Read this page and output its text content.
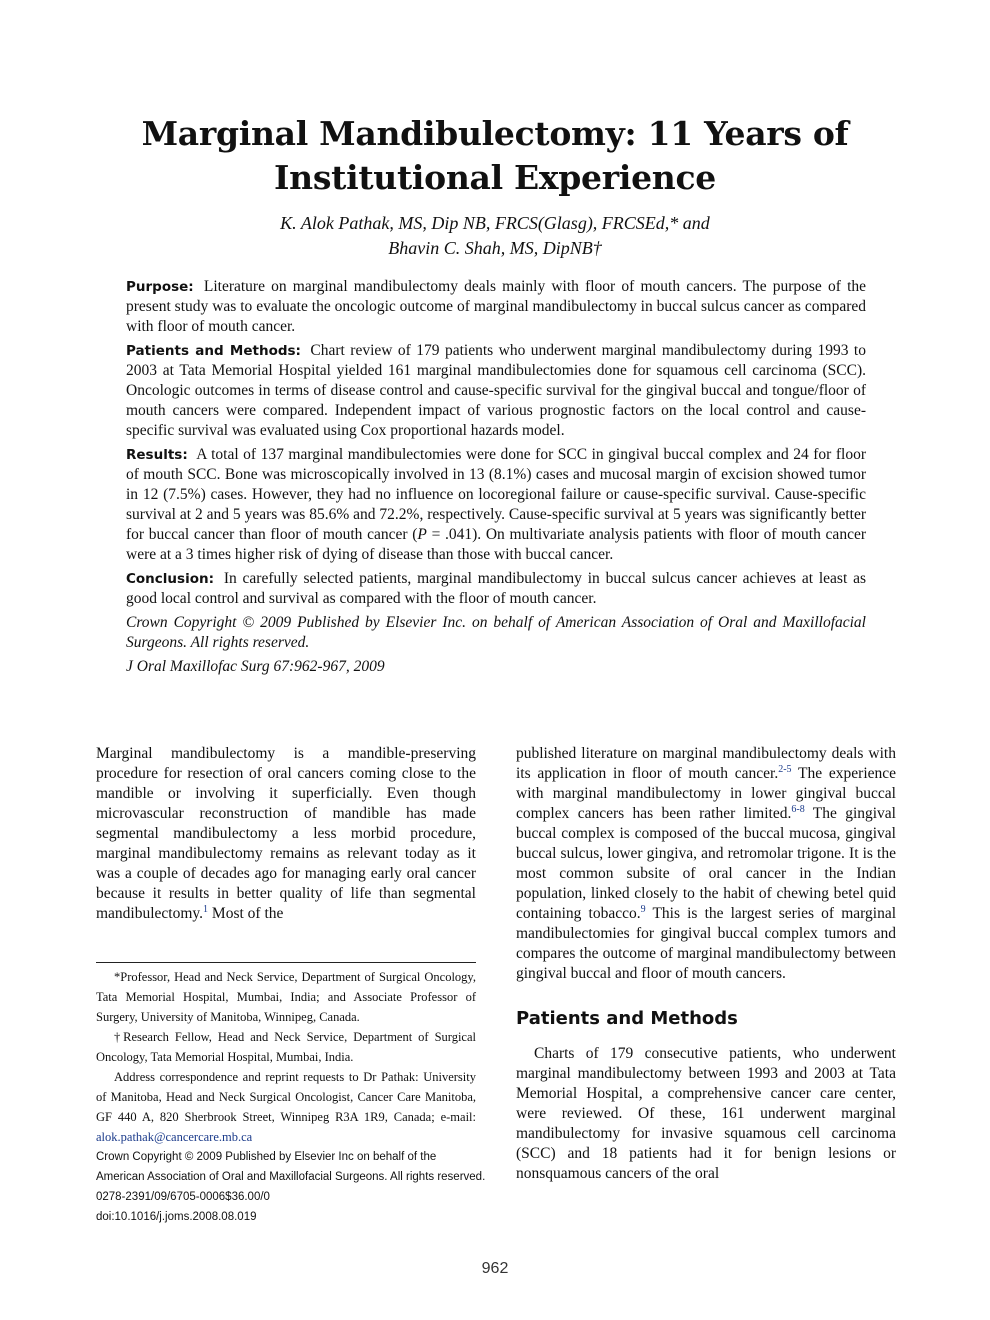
Marginal Mandibulectomy: 11 Years of Institutional Experience
K. Alok Pathak, MS, Dip NB, FRCS(Glasg), FRCSEd,* and
Bhavin C. Shah, MS, DipNB†

Purpose: Literature on marginal mandibulectomy deals mainly with floor of mouth cancers. The purpose of the present study was to evaluate the oncologic outcome of marginal mandibulectomy in buccal sulcus cancer as compared with floor of mouth cancer.

Patients and Methods: Chart review of 179 patients who underwent marginal mandibulectomy during 1993 to 2003 at Tata Memorial Hospital yielded 161 marginal mandibulectomies done for squamous cell carcinoma (SCC). Oncologic outcomes in terms of disease control and cause-specific survival for the gingival buccal and tongue/floor of mouth cancers were compared. Independent impact of various prognostic factors on the local control and cause-specific survival was evaluated using Cox proportional hazards model.

Results: A total of 137 marginal mandibulectomies were done for SCC in gingival buccal complex and 24 for floor of mouth SCC. Bone was microscopically involved in 13 (8.1%) cases and mucosal margin of excision showed tumor in 12 (7.5%) cases. However, they had no influence on locoregional failure or cause-specific survival. Cause-specific survival at 2 and 5 years was 85.6% and 72.2%, respectively. Cause-specific survival at 5 years was significantly better for buccal cancer than floor of mouth cancer (P = .041). On multivariate analysis patients with floor of mouth cancer were at a 3 times higher risk of dying of disease than those with buccal cancer.

Conclusion: In carefully selected patients, marginal mandibulectomy in buccal sulcus cancer achieves at least as good local control and survival as compared with the floor of mouth cancer.

Crown Copyright © 2009 Published by Elsevier Inc. on behalf of American Association of Oral and Maxillofacial Surgeons. All rights reserved.

J Oral Maxillofac Surg 67:962-967, 2009

Marginal mandibulectomy is a mandible-preserving procedure for resection of oral cancers coming close to the mandible or involving it superficially. Even though microvascular reconstruction of mandible has made segmental mandibulectomy a less morbid procedure, marginal mandibulectomy remains as relevant today as it was a couple of decades ago for managing early oral cancer because it results in better quality of life than segmental mandibulectomy.$^1$ Most of the

*Professor, Head and Neck Service, Department of Surgical Oncology, Tata Memorial Hospital, Mumbai, India; and Associate Professor of Surgery, University of Manitoba, Winnipeg, Canada.

†Research Fellow, Head and Neck Service, Department of Surgical Oncology, Tata Memorial Hospital, Mumbai, India.

Address correspondence and reprint requests to Dr Pathak: University of Manitoba, Head and Neck Surgical Oncologist, Cancer Care Manitoba, GF 440 A, 820 Sherbrook Street, Winnipeg R3A 1R9, Canada; e-mail: alok.pathak@cancercare.mb.ca

Crown Copyright © 2009 Published by Elsevier Inc on behalf of the
American Association of Oral and Maxillofacial Surgeons. All rights reserved.
0278-2391/09/6705-0006$36.00/0
doi:10.1016/j.joms.2008.08.019

published literature on marginal mandibulectomy deals with its application in floor of mouth cancer.$^{2-5}$ The experience with marginal mandibulectomy in lower gingival buccal complex cancers has been rather limited.$^{6-8}$ The gingival buccal complex is composed of the buccal mucosa, gingival buccal sulcus, lower gingiva, and retromolar trigone. It is the most common subsite of oral cancer in the Indian population, linked closely to the habit of chewing betel quid containing tobacco.$^9$ This is the largest series of marginal mandibulectomies for gingival buccal complex tumors and compares the outcome of marginal mandibulectomy between gingival buccal and floor of mouth cancers.

Patients and Methods

Charts of 179 consecutive patients, who underwent marginal mandibulectomy between 1993 and 2003 at Tata Memorial Hospital, a comprehensive cancer care center, were reviewed. Of these, 161 underwent marginal mandibulectomy for invasive squamous cell carcinoma (SCC) and 18 patients had it for benign lesions or nonsquamous cancers of the oral

962
